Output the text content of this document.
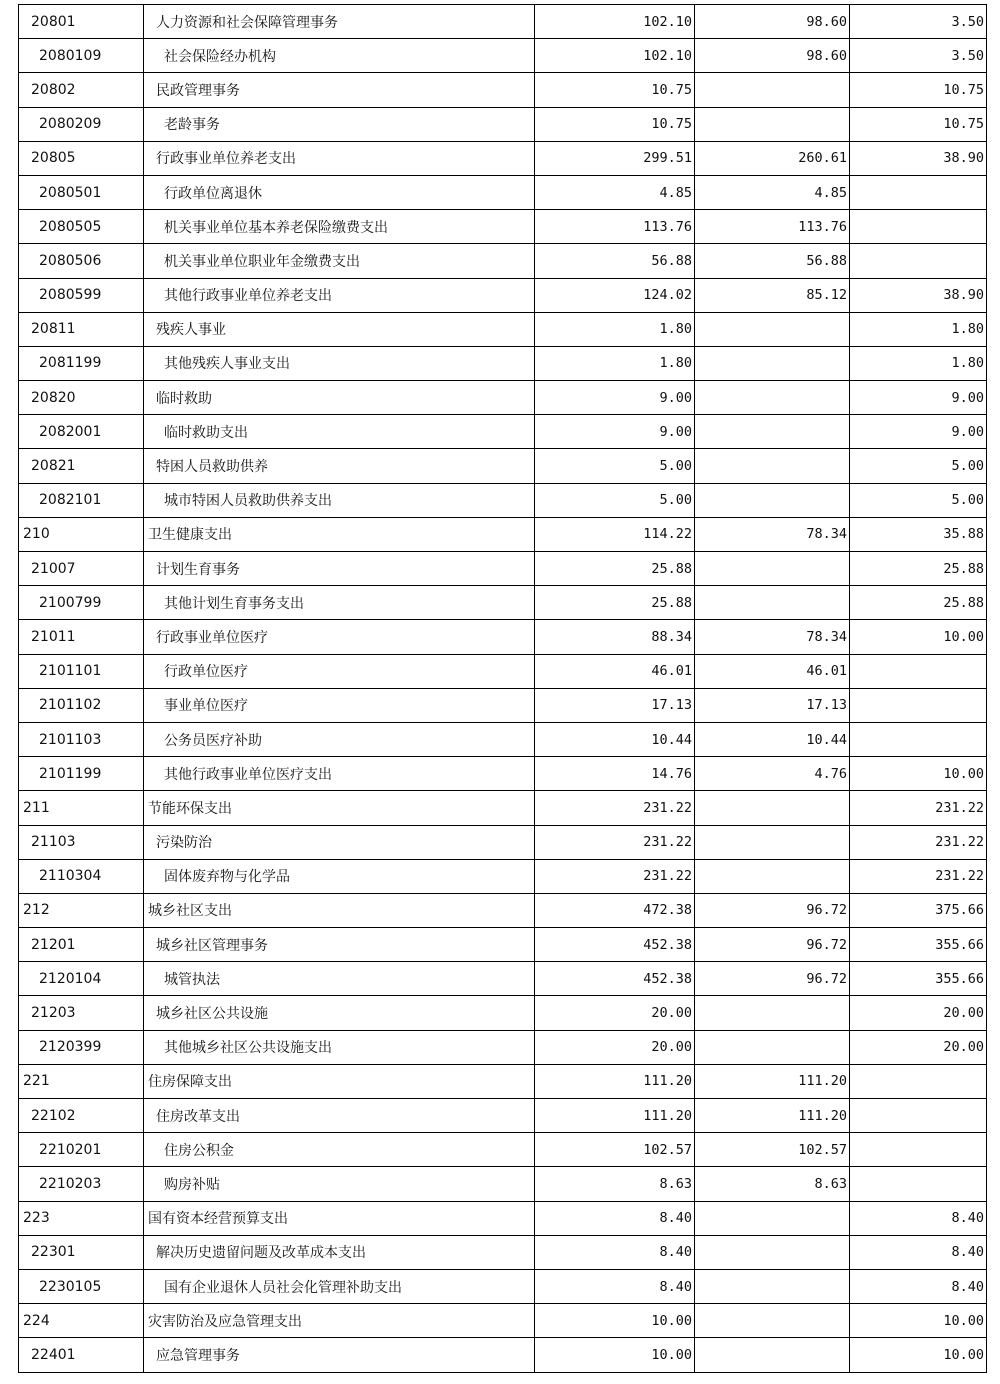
20801	人力资源和社会保障管理事务	102.10	98.60	3.50
2080109	社会保险经办机构	102.10	98.60	3.50
20802	民政管理事务	10.75		10.75
2080209	老龄事务	10.75		10.75
20805	行政事业单位养老支出	299.51	260.61	38.90
2080501	行政单位离退休	4.85	4.85	
2080505	机关事业单位基本养老保险缴费支出	113.76	113.76	
2080506	机关事业单位职业年金缴费支出	56.88	56.88	
2080599	其他行政事业单位养老支出	124.02	85.12	38.90
20811	残疾人事业	1.80		1.80
2081199	其他残疾人事业支出	1.80		1.80
20820	临时救助	9.00		9.00
2082001	临时救助支出	9.00		9.00
20821	特困人员救助供养	5.00		5.00
2082101	城市特困人员救助供养支出	5.00		5.00
210	卫生健康支出	114.22	78.34	35.88
21007	计划生育事务	25.88		25.88
2100799	其他计划生育事务支出	25.88		25.88
21011	行政事业单位医疗	88.34	78.34	10.00
2101101	行政单位医疗	46.01	46.01	
2101102	事业单位医疗	17.13	17.13	
2101103	公务员医疗补助	10.44	10.44	
2101199	其他行政事业单位医疗支出	14.76	4.76	10.00
211	节能环保支出	231.22		231.22
21103	污染防治	231.22		231.22
2110304	固体废弃物与化学品	231.22		231.22
212	城乡社区支出	472.38	96.72	375.66
21201	城乡社区管理事务	452.38	96.72	355.66
2120104	城管执法	452.38	96.72	355.66
21203	城乡社区公共设施	20.00		20.00
2120399	其他城乡社区公共设施支出	20.00		20.00
221	住房保障支出	111.20	111.20	
22102	住房改革支出	111.20	111.20	
2210201	住房公积金	102.57	102.57	
2210203	购房补贴	8.63	8.63	
223	国有资本经营预算支出	8.40		8.40
22301	解决历史遗留问题及改革成本支出	8.40		8.40
2230105	国有企业退休人员社会化管理补助支出	8.40		8.40
224	灾害防治及应急管理支出	10.00		10.00
22401	应急管理事务	10.00		10.00
